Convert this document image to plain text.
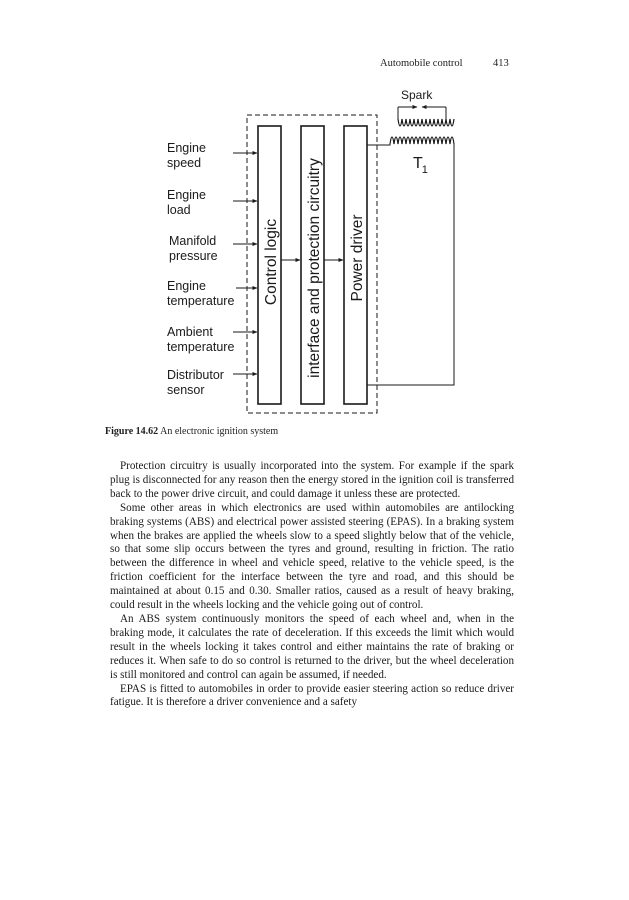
Automobile control	413
Control logic interface and protection circuitry Power driver
Engine
speed
Engine
load
Manifold
pressure
Engine
temperature
Ambient
temperature
Distributor
sensor
Spark
T1
Figure 14.62 An electronic ignition system

Protection circuitry is usually incorporated into the system. For example if the spark plug is disconnected for any reason then the energy stored in the ignition coil is transferred back to the power drive circuit, and could damage it unless these are protected.

Some other areas in which electronics are used within automobiles are antilocking braking systems (ABS) and electrical power assisted steering (EPAS). In a braking system when the brakes are applied the wheels slow to a speed slightly below that of the vehicle, so that some slip occurs between the tyres and ground, resulting in friction. The ratio between the difference in wheel and vehicle speed, relative to the vehicle speed, is the friction coefficient for the interface between the tyre and road, and this should be maintained at about 0.15 and 0.30. Smaller ratios, caused as a result of heavy braking, could result in the wheels locking and the vehicle going out of control.

An ABS system continuously monitors the speed of each wheel and, when in the braking mode, it calculates the rate of deceleration. If this exceeds the limit which would result in the wheels locking it takes control and either maintains the rate of braking or reduces it. When safe to do so control is returned to the driver, but the wheel deceleration is still monitored and control can again be assumed, if needed.

EPAS is fitted to automobiles in order to provide easier steering action so reduce driver fatigue. It is therefore a driver convenience and a safety
